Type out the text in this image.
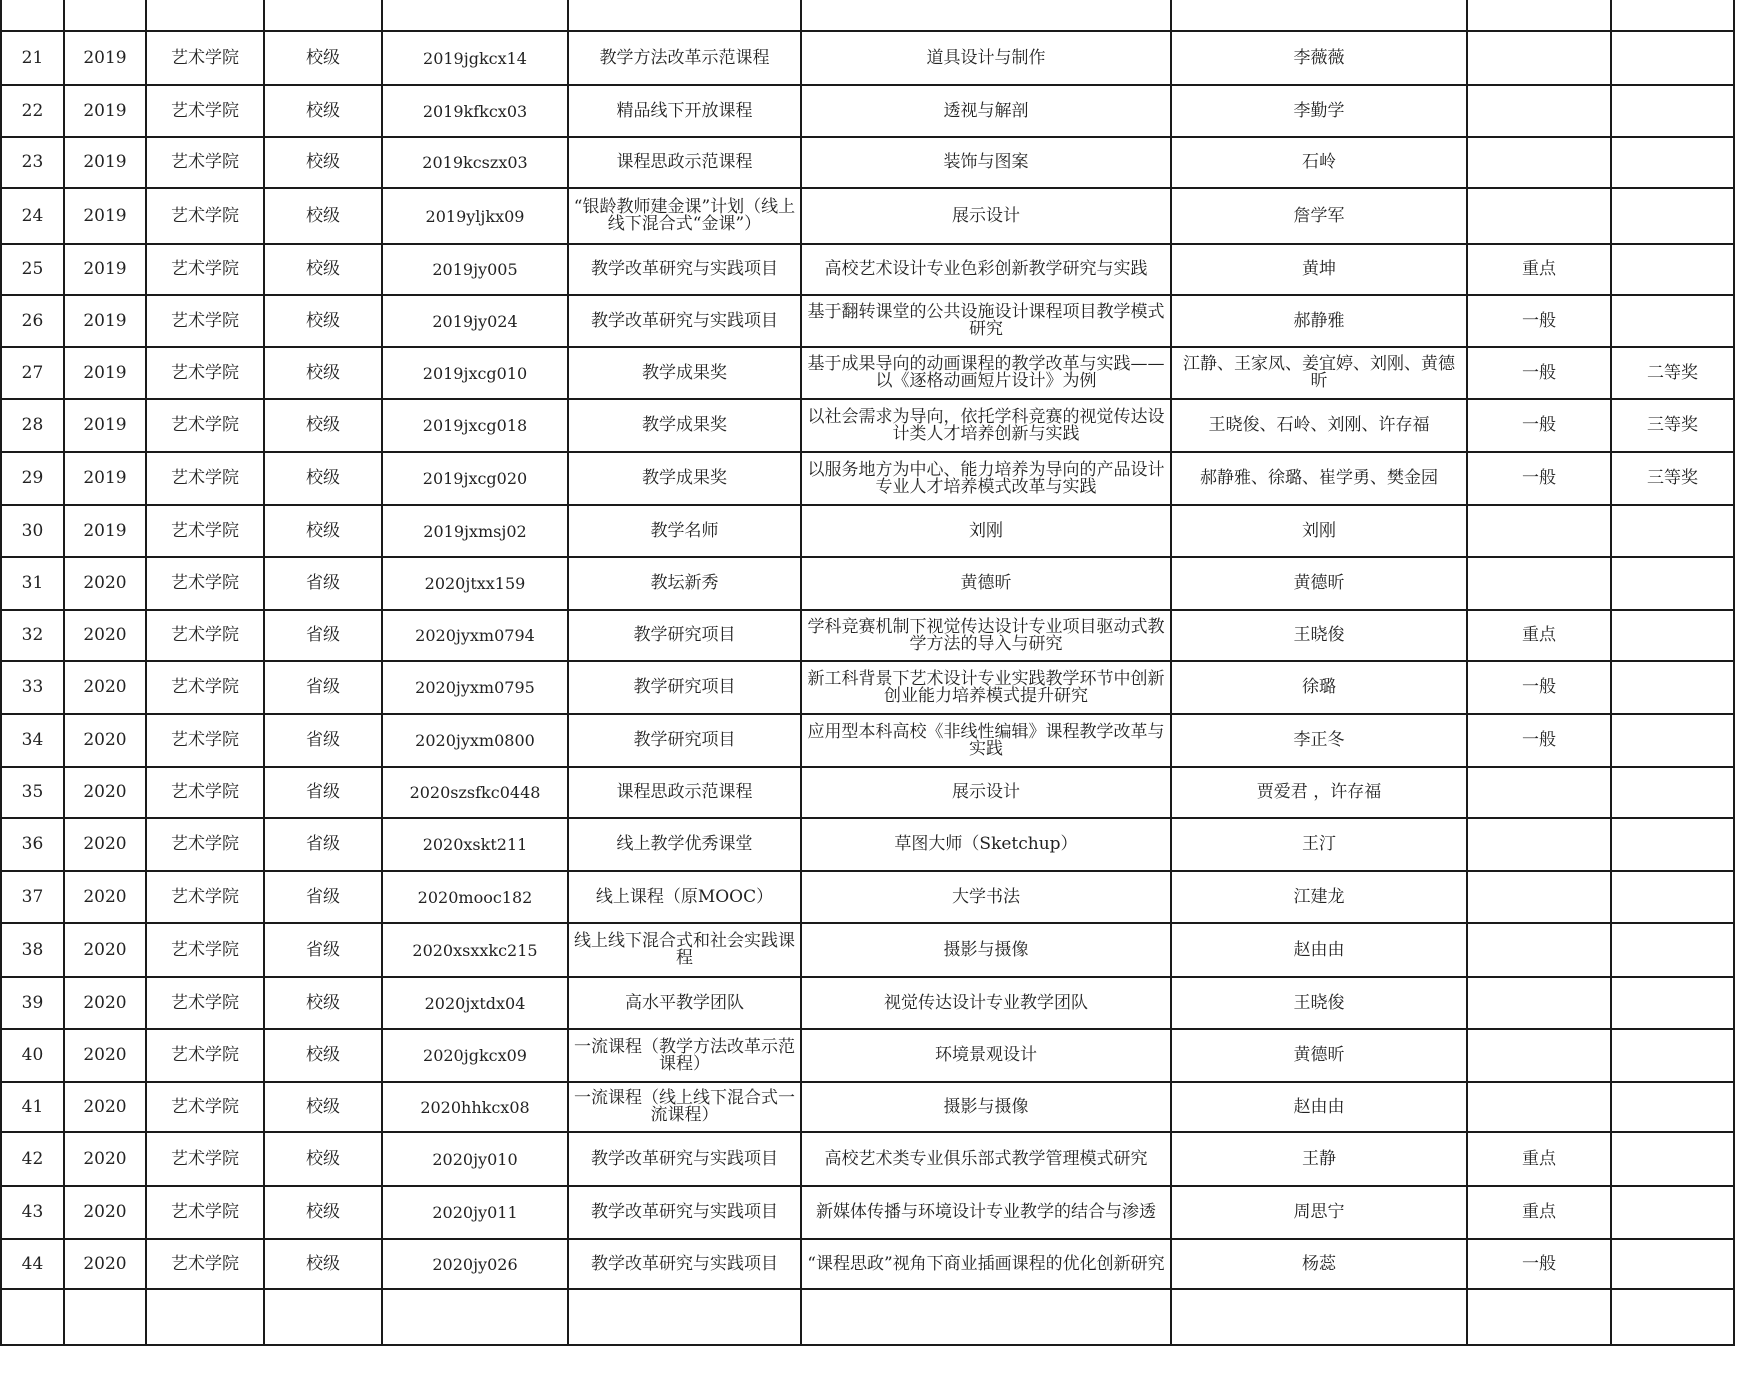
21	2019	艺术学院	校级	2019jgkcx14	教学方法改革示范课程	道具设计与制作	李薇薇		
22	2019	艺术学院	校级	2019kfkcx03	精品线下开放课程	透视与解剖	李勤学		
23	2019	艺术学院	校级	2019kcszx03	课程思政示范课程	装饰与图案	石岭		
24	2019	艺术学院	校级	2019yljkx09	“银龄教师建金课”计划（线上线下混合式“金课”）	展示设计	詹学军		
25	2019	艺术学院	校级	2019jy005	教学改革研究与实践项目	高校艺术设计专业色彩创新教学研究与实践	黄坤	重点	
26	2019	艺术学院	校级	2019jy024	教学改革研究与实践项目	基于翻转课堂的公共设施设计课程项目教学模式研究	郝静雅	一般	
27	2019	艺术学院	校级	2019jxcg010	教学成果奖	基于成果导向的动画课程的教学改革与实践——以《逐格动画短片设计》为例	江静、王家凤、姜宜婷、刘刚、黄德昕	一般	二等奖
28	2019	艺术学院	校级	2019jxcg018	教学成果奖	以社会需求为导向，依托学科竞赛的视觉传达设计类人才培养创新与实践	王晓俊、石岭、刘刚、许存福	一般	三等奖
29	2019	艺术学院	校级	2019jxcg020	教学成果奖	以服务地方为中心、能力培养为导向的产品设计专业人才培养模式改革与实践	郝静雅、徐璐、崔学勇、樊金园	一般	三等奖
30	2019	艺术学院	校级	2019jxmsj02	教学名师	刘刚	刘刚		
31	2020	艺术学院	省级	2020jtxx159	教坛新秀	黄德昕	黄德昕		
32	2020	艺术学院	省级	2020jyxm0794	教学研究项目	学科竞赛机制下视觉传达设计专业项目驱动式教学方法的导入与研究	王晓俊	重点	
33	2020	艺术学院	省级	2020jyxm0795	教学研究项目	新工科背景下艺术设计专业实践教学环节中创新创业能力培养模式提升研究	徐璐	一般	
34	2020	艺术学院	省级	2020jyxm0800	教学研究项目	应用型本科高校《非线性编辑》课程教学改革与实践	李正冬	一般	
35	2020	艺术学院	省级	2020szsfkc0448	课程思政示范课程	展示设计	贾爱君 ，许存福		
36	2020	艺术学院	省级	2020xskt211	线上教学优秀课堂	草图大师（Sketchup）	王汀		
37	2020	艺术学院	省级	2020mooc182	线上课程（原MOOC）	大学书法	江建龙		
38	2020	艺术学院	省级	2020xsxxkc215	线上线下混合式和社会实践课程	摄影与摄像	赵由由		
39	2020	艺术学院	校级	2020jxtdx04	高水平教学团队	视觉传达设计专业教学团队	王晓俊		
40	2020	艺术学院	校级	2020jgkcx09	一流课程（教学方法改革示范课程）	环境景观设计	黄德昕		
41	2020	艺术学院	校级	2020hhkcx08	一流课程（线上线下混合式一流课程）	摄影与摄像	赵由由		
42	2020	艺术学院	校级	2020jy010	教学改革研究与实践项目	高校艺术类专业俱乐部式教学管理模式研究	王静	重点	
43	2020	艺术学院	校级	2020jy011	教学改革研究与实践项目	新媒体传播与环境设计专业教学的结合与渗透	周思宁	重点	
44	2020	艺术学院	校级	2020jy026	教学改革研究与实践项目	“课程思政”视角下商业插画课程的优化创新研究	杨蕊	一般	
